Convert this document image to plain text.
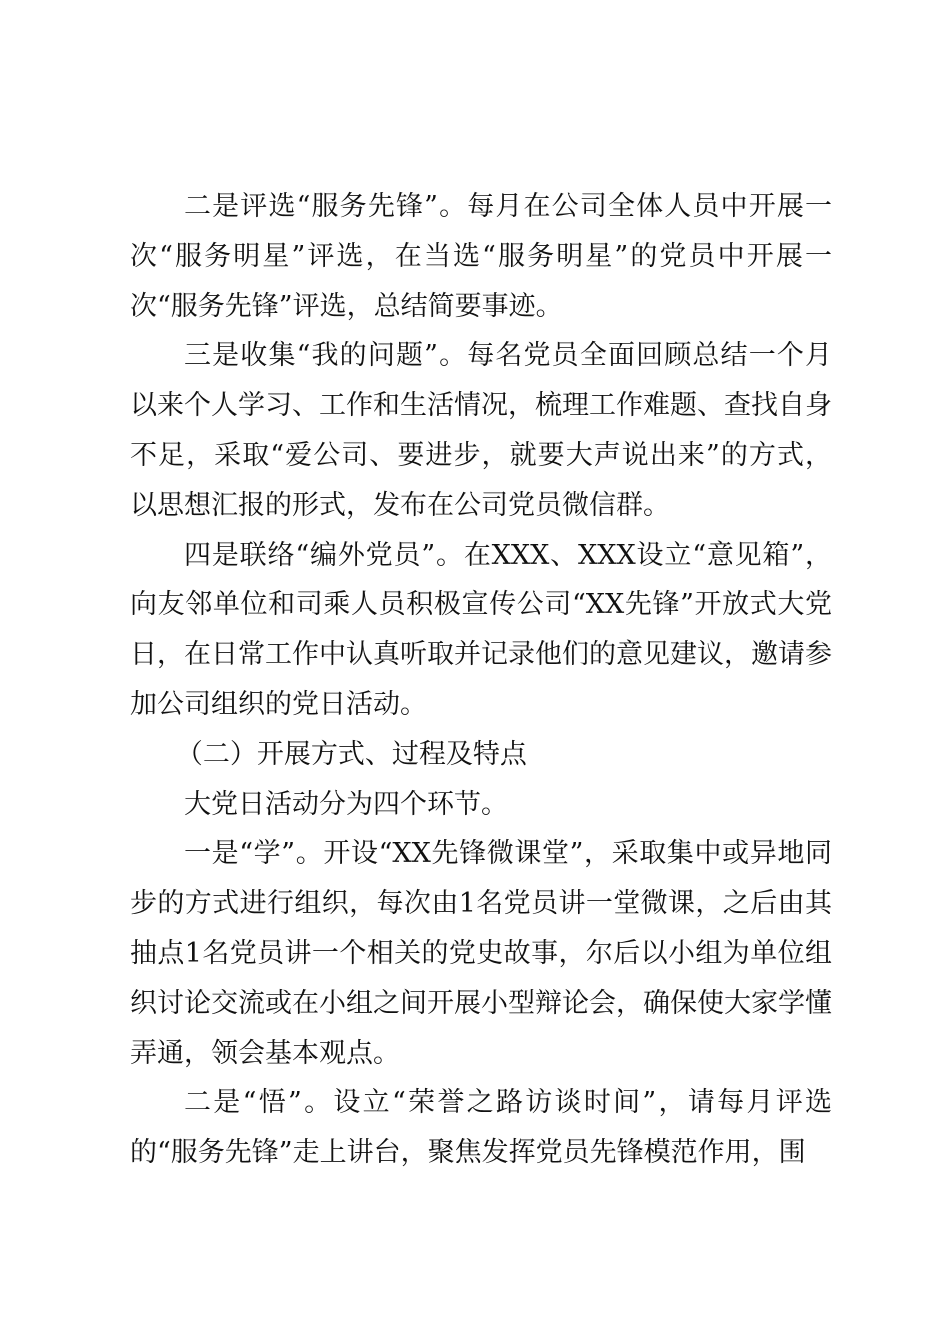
二是评选“服务先锋”。每月在公司全体人员中开展一次“服务明星”评选，在当选“服务明星”的党员中开展一次“服务先锋”评选，总结简要事迹。

三是收集“我的问题”。每名党员全面回顾总结一个月以来个人学习、工作和生活情况，梳理工作难题、查找自身不足，采取“爱公司、要进步，就要大声说出来”的方式，以思想汇报的形式，发布在公司党员微信群。

四是联络“编外党员”。在XXX、XXX设立“意见箱”，向友邻单位和司乘人员积极宣传公司“XX先锋”开放式大党日，在日常工作中认真听取并记录他们的意见建议，邀请参加公司组织的党日活动。

（二）开展方式、过程及特点

大党日活动分为四个环节。

一是“学”。开设“XX先锋微课堂”，采取集中或异地同步的方式进行组织，每次由1名党员讲一堂微课，之后由其抽点1名党员讲一个相关的党史故事，尔后以小组为单位组织讨论交流或在小组之间开展小型辩论会，确保使大家学懂弄通，领会基本观点。

二是“悟”。设立“荣誉之路访谈时间”，请每月评选的“服务先锋”走上讲台，聚焦发挥党员先锋模范作用，围
